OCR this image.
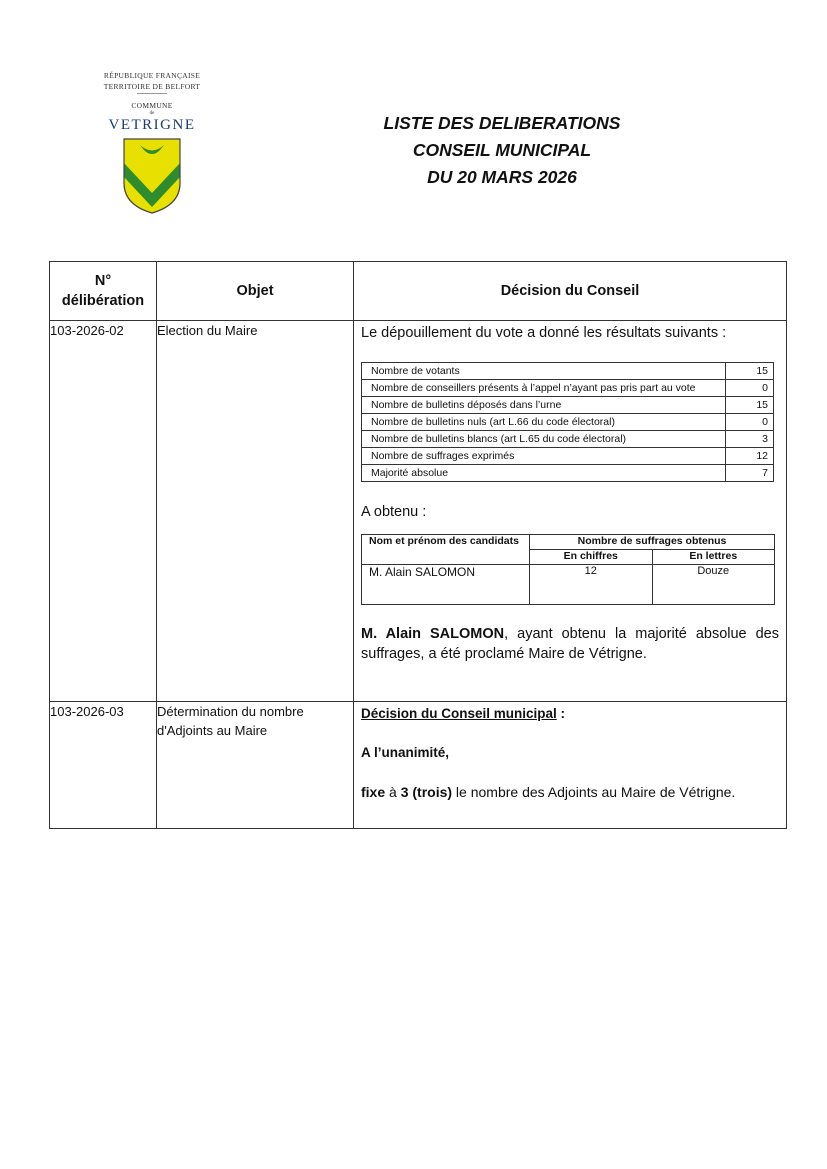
RÉPUBLIQUE FRANÇAISE
TERRITOIRE DE BELFORT
COMMUNE
de
VETRIGNE	LISTE DES DELIBERATIONS
CONSEIL MUNICIPAL
DU 20 MARS 2026
N°
délibération
	Objet	Décision du Conseil
103-2026-02	Election du Maire	Le dépouillement du vote a donné les résultats suivants :
Nombre de votants	15
Nombre de conseillers présents à l’appel n’ayant pas pris part au vote	0
Nombre de bulletins déposés dans l’urne	15
Nombre de bulletins nuls (art L.66 du code électoral)	0
Nombre de bulletins blancs (art L.65 du code électoral)	3
Nombre de suffrages exprimés	12
Majorité absolue	7
A obtenu :
Nom et prénom des candidats	Nombre de suffrages obtenus
En chiffres	En lettres
M. Alain SALOMON	12	Douze
M. Alain SALOMON, ayant obtenu la majorité absolue des suffrages, a été proclamé Maire de Vétrigne.

103-2026-03	Détermination du nombre d'Adjoints au Maire	
Décision du Conseil municipal :
A l’unanimité,
fixe à 3 (trois) le nombre des Adjoints au Maire de Vétrigne.
